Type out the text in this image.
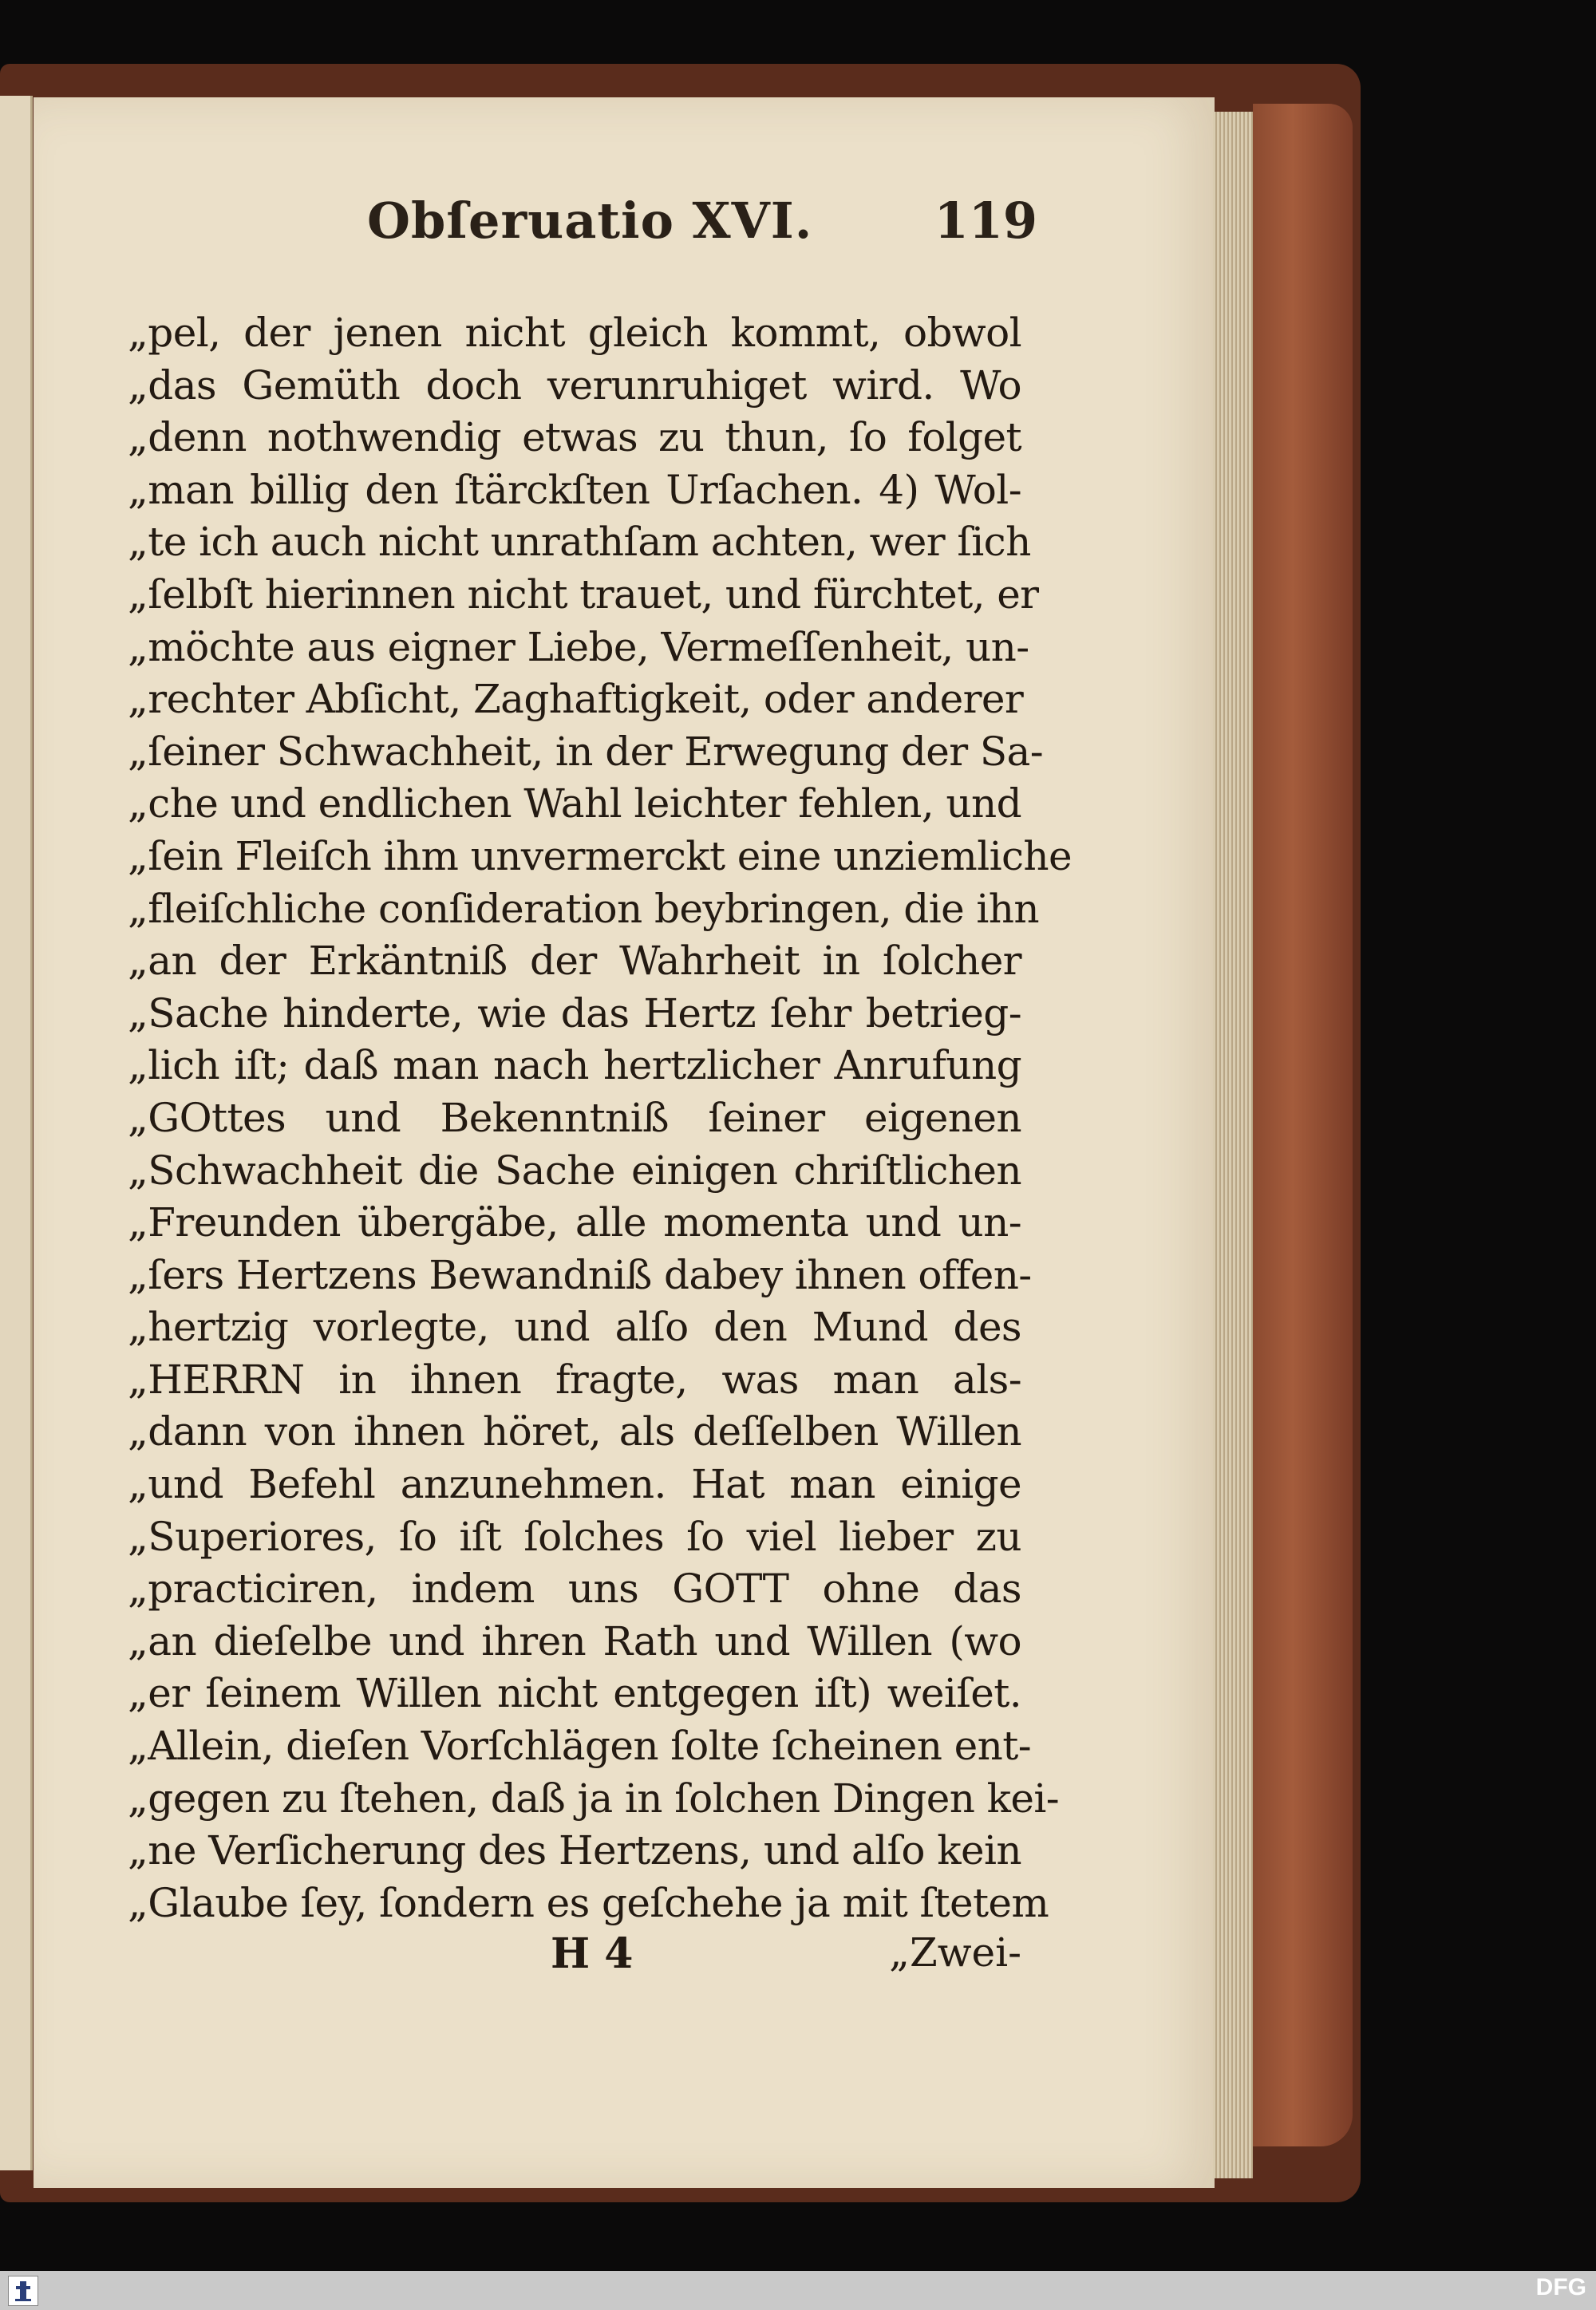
Obſeruatio XVI. 119
„pel, der jenen nicht gleich kommt, obwol
„das Gemüth doch verunruhiget wird. Wo
„denn nothwendig etwas zu thun, ſo folget
„man billig den ſtärckſten Urſachen. 4) Wol-
„te ich auch nicht unrathſam achten, wer ſich
„ſelbſt hierinnen nicht trauet, und fürchtet, er
„möchte aus eigner Liebe, Vermeſſenheit, un-
„rechter Abſicht, Zaghaftigkeit, oder anderer
„ſeiner Schwachheit, in der Erwegung der Sa-
„che und endlichen Wahl leichter fehlen, und
„ſein Fleiſch ihm unvermerckt eine unziemliche
„fleiſchliche conſideration beybringen, die ihn
„an der Erkäntniß der Wahrheit in ſolcher
„Sache hinderte, wie das Hertz ſehr betrieg-
„lich iſt; daß man nach hertzlicher Anrufung
„GOttes und Bekenntniß ſeiner eigenen
„Schwachheit die Sache einigen chriſtlichen
„Freunden übergäbe, alle momenta und un-
„ſers Hertzens Bewandniß dabey ihnen offen-
„hertzig vorlegte, und alſo den Mund des
„HERRN in ihnen fragte, was man als-
„dann von ihnen höret, als deſſelben Willen
„und Befehl anzunehmen. Hat man einige
„Superiores, ſo iſt ſolches ſo viel lieber zu
„practiciren, indem uns GOTT ohne das
„an dieſelbe und ihren Rath und Willen (wo
„er ſeinem Willen nicht entgegen iſt) weiſet.
„Allein, dieſen Vorſchlägen ſolte ſcheinen ent-
„gegen zu ſtehen, daß ja in ſolchen Dingen kei-
„ne Verſicherung des Hertzens, und alſo kein
„Glaube ſey, ſondern es geſchehe ja mit ſtetem
H 4	„Zwei-
DFG
